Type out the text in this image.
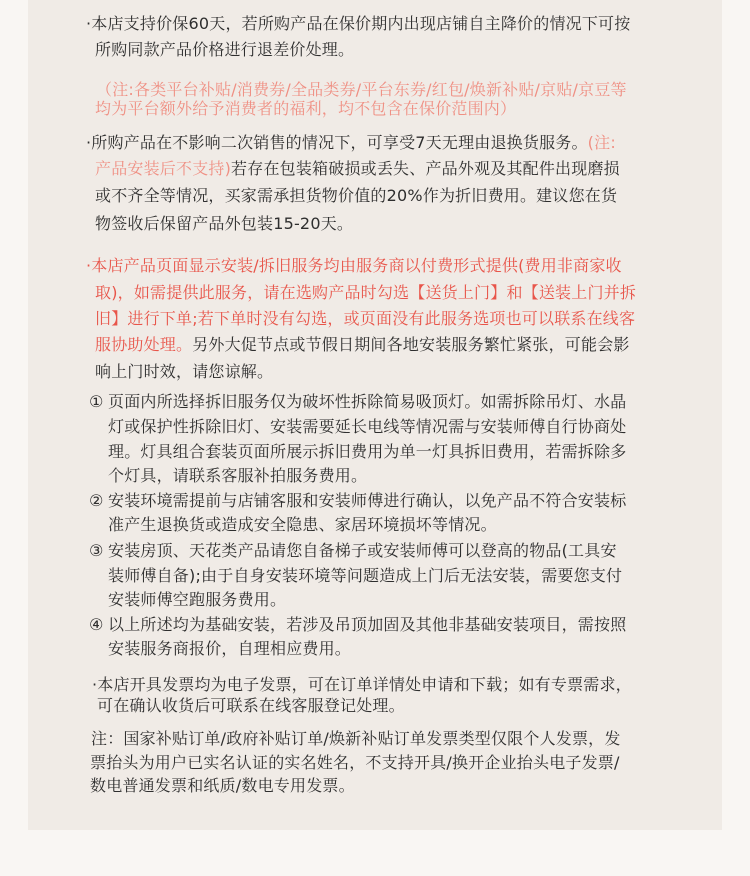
·本店支持价保60天，若所购产品在保价期内出现店铺自主降价的情况下可按

所购同款产品价格进行退差价处理。

（注:各类平台补贴/消费券/全品类券/平台东券/红包/焕新补贴/京贴/京豆等

均为平台额外给予消费者的福利，均不包含在保价范围内）

·所购产品在不影响二次销售的情况下，可享受7天无理由退换货服务。(注:

产品安装后不支持)若存在包装箱破损或丢失、产品外观及其配件出现磨损

或不齐全等情况，买家需承担货物价值的20%作为折旧费用。建议您在货

物签收后保留产品外包装15-20天。

·本店产品页面显示安装/拆旧服务均由服务商以付费形式提供(费用非商家收

取)，如需提供此服务，请在选购产品时勾选【送货上门】和【送装上门并拆

旧】进行下单;若下单时没有勾选，或页面没有此服务选项也可以联系在线客

服协助处理。另外大促节点或节假日期间各地安装服务繁忙紧张，可能会影

响上门时效，请您谅解。

① 页面内所选择拆旧服务仅为破坏性拆除简易吸顶灯。如需拆除吊灯、水晶

灯或保护性拆除旧灯、安装需要延长电线等情况需与安装师傅自行协商处

理。灯具组合套装页面所展示拆旧费用为单一灯具拆旧费用，若需拆除多

个灯具，请联系客服补拍服务费用。

② 安装环境需提前与店铺客服和安装师傅进行确认，以免产品不符合安装标

准产生退换货或造成安全隐患、家居环境损坏等情况。

③ 安装房顶、天花类产品请您自备梯子或安装师傅可以登高的物品(工具安

装师傅自备);由于自身安装环境等问题造成上门后无法安装，需要您支付

安装师傅空跑服务费用。

④ 以上所述均为基础安装，若涉及吊顶加固及其他非基础安装项目，需按照

安装服务商报价，自理相应费用。

·本店开具发票均为电子发票，可在订单详情处申请和下载；如有专票需求，

可在确认收货后可联系在线客服登记处理。

注：国家补贴订单/政府补贴订单/焕新补贴订单发票类型仅限个人发票，发

票抬头为用户已实名认证的实名姓名，不支持开具/换开企业抬头电子发票/

数电普通发票和纸质/数电专用发票。
